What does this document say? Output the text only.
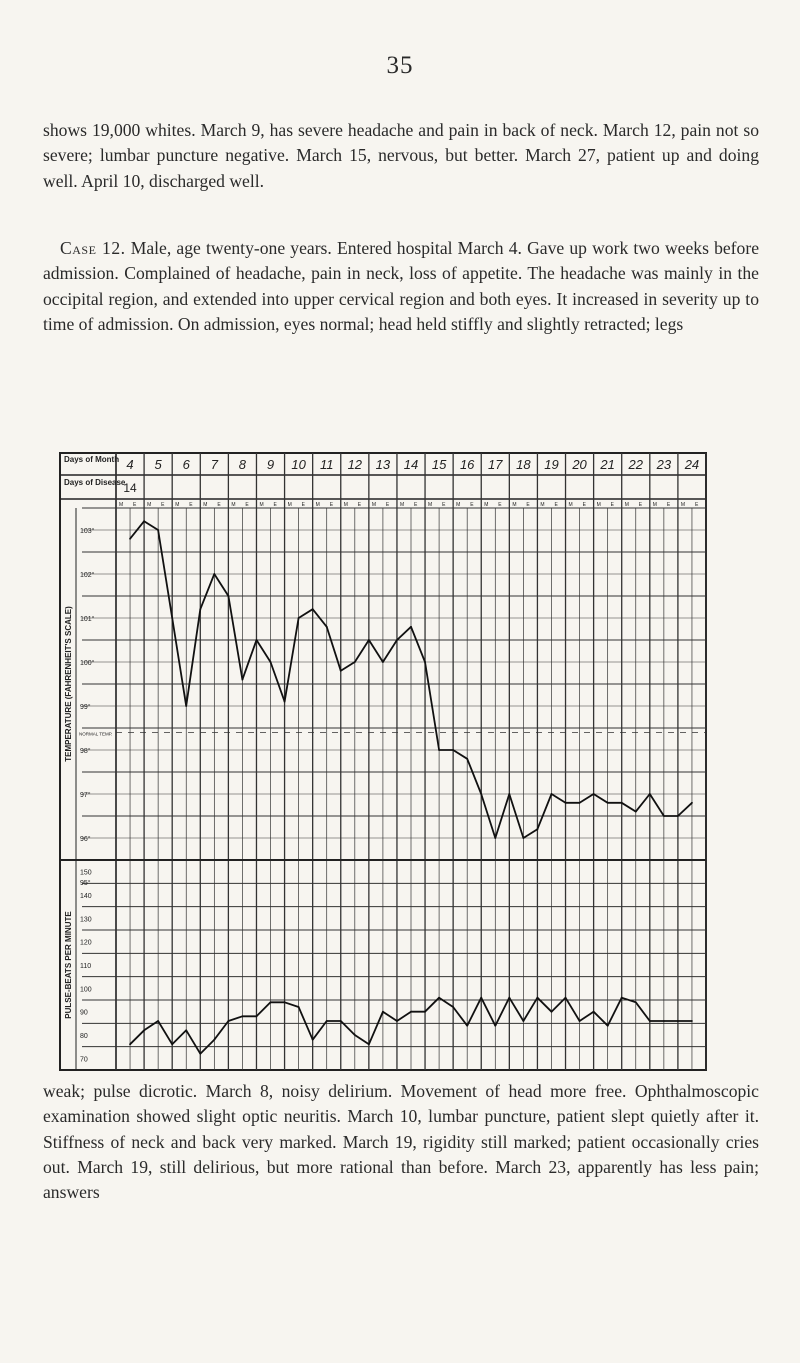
35

shows 19,000 whites. March 9, has severe headache and pain in back of neck. March 12, pain not so severe; lumbar puncture negative. March 15, nervous, but better. March 27, patient up and doing well. April 10, discharged well.

Case 12. Male, age twenty-one years. Entered hospital March 4. Gave up work two weeks before admission. Complained of headache, pain in neck, loss of appetite. The headache was mainly in the occipital region, and extended into upper cervical region and both eyes. It increased in severity up to time of admission. On admission, eyes normal; head held stiffly and slightly retracted; legs

Days of Month
Days of Disease
4 5 6 7 8 9 10 11 12 13 14 15 16 17 18 19 20 21 22 23 24
14
M E M E M E M E M E M E M E M E M E M E M E M E M E M E M E M E M E M E M E M E M E
TEMPERATURE (FAHRENHEIT'S SCALE)
PULSE-BEATS PER MINUTE
103°
102°
101°
100°
99°
98°
97°
96°
95°
NORMAL TEMP.
150
140
130
120
110
100
90
80
70

weak; pulse dicrotic. March 8, noisy delirium. Movement of head more free. Ophthalmoscopic examination showed slight optic neuritis. March 10, lumbar puncture, patient slept quietly after it. Stiffness of neck and back very marked. March 19, rigidity still marked; patient occasionally cries out. March 19, still delirious, but more rational than before. March 23, apparently has less pain; answers
